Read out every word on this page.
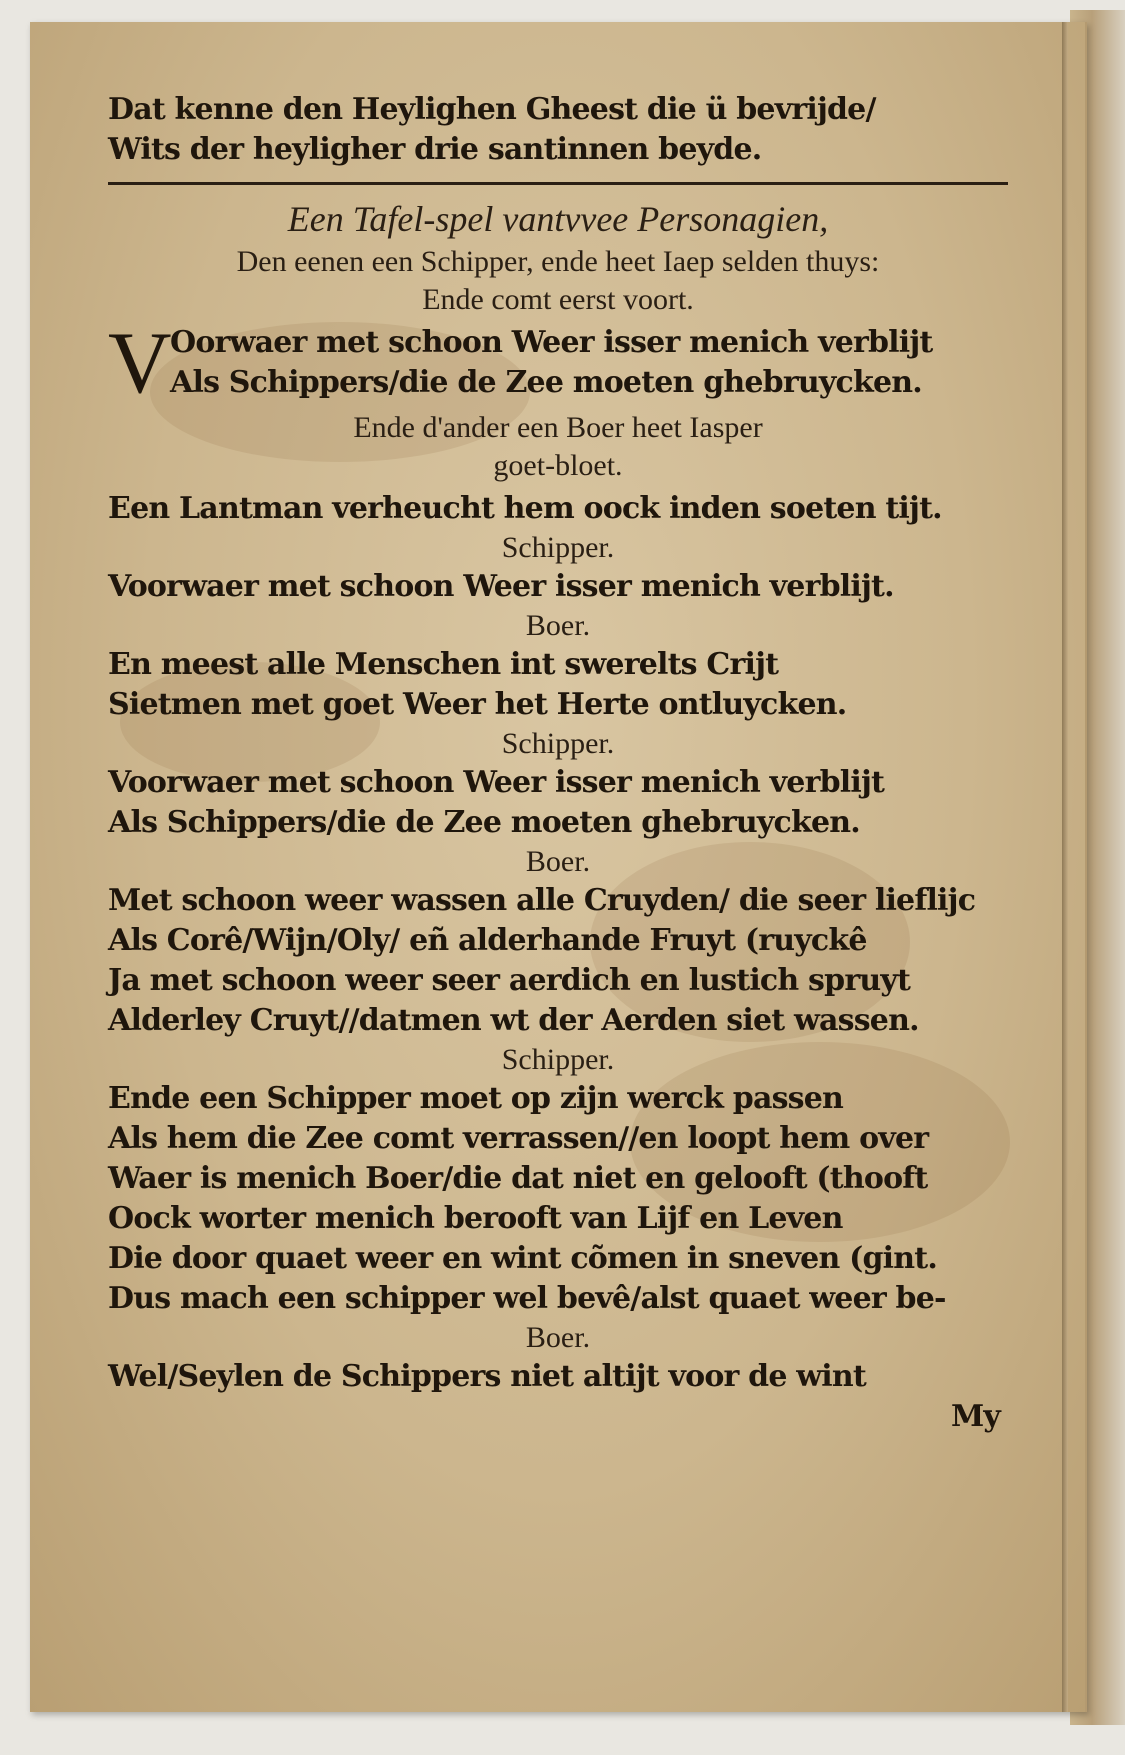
Dat kenne den Heylighen Gheest die ü bevrijde/
Wits der heyligher drie santinnen beyde.
Een Tafel-spel vantvvee Personagien,
Den eenen een Schipper, ende heet Iaep selden thuys:
Ende comt eerst voort.
V
Oorwaer met schoon Weer isser menich verblijt
Als Schippers/die de Zee moeten ghebruycken.
Ende d'ander een Boer heet Iasper
goet-bloet.
Een Lantman verheucht hem oock inden soeten tijt.
Schipper.
Voorwaer met schoon Weer isser menich verblijt.
Boer.
En meest alle Menschen int swerelts Crijt
Sietmen met goet Weer het Herte ontluycken.
Schipper.
Voorwaer met schoon Weer isser menich verblijt
Als Schippers/die de Zee moeten ghebruycken.
Boer.
Met schoon weer wassen alle Cruyden/ die seer lieflijc
Als Corê/Wijn/Oly/ eñ alderhande Fruyt (ruyckê
Ja met schoon weer seer aerdich en lustich spruyt
Alderley Cruyt//datmen wt der Aerden siet wassen.
Schipper.
Ende een Schipper moet op zijn werck passen
Als hem die Zee comt verrassen//en loopt hem over
Waer is menich Boer/die dat niet en gelooft (thooft
Oock worter menich berooft van Lijf en Leven
Die door quaet weer en wint cõmen in sneven (gint.
Dus mach een schipper wel bevê/alst quaet weer be-
Boer.
Wel/Seylen de Schippers niet altijt voor de wint
My
